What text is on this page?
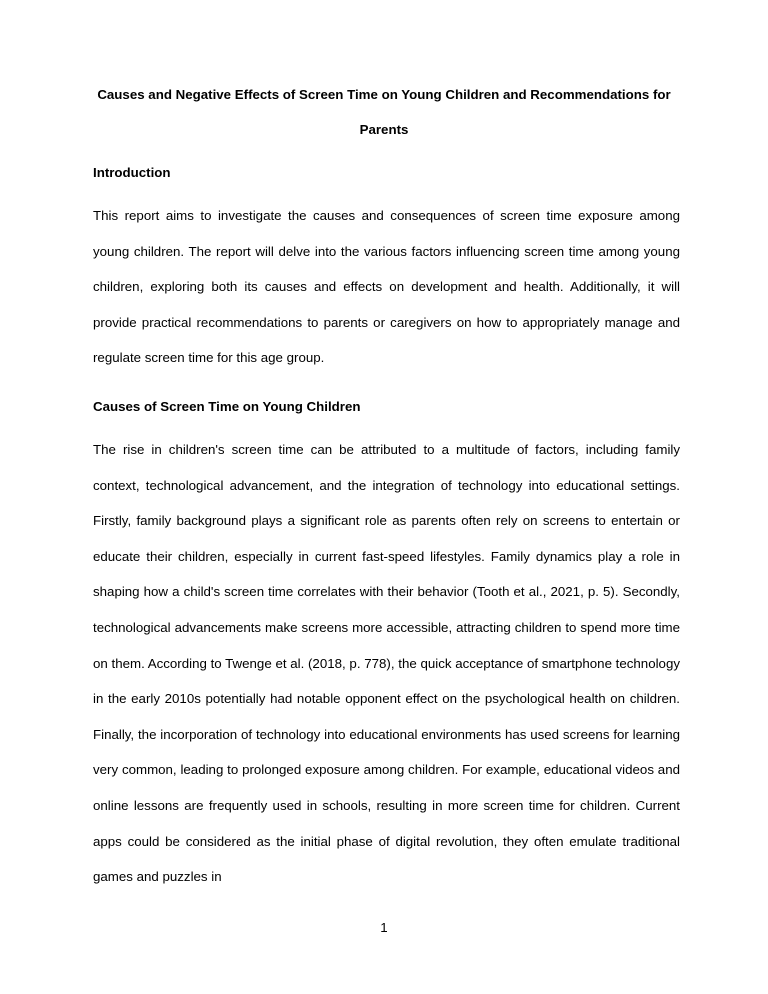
Causes and Negative Effects of Screen Time on Young Children and Recommendations for
Parents
Introduction

This report aims to investigate the causes and consequences of screen time exposure among young children. The report will delve into the various factors influencing screen time among young children, exploring both its causes and effects on development and health. Additionally, it will provide practical recommendations to parents or caregivers on how to appropriately manage and regulate screen time for this age group.

Causes of Screen Time on Young Children

The rise in children's screen time can be attributed to a multitude of factors, including family context, technological advancement, and the integration of technology into educational settings. Firstly, family background plays a significant role as parents often rely on screens to entertain or educate their children, especially in current fast-speed lifestyles. Family dynamics play a role in shaping how a child's screen time correlates with their behavior (Tooth et al., 2021, p. 5). Secondly, technological advancements make screens more accessible, attracting children to spend more time on them. According to Twenge et al. (2018, p. 778), the quick acceptance of smartphone technology in the early 2010s potentially had notable opponent effect on the psychological health on children. Finally, the incorporation of technology into educational environments has used screens for learning very common, leading to prolonged exposure among children. For example, educational videos and online lessons are frequently used in schools, resulting in more screen time for children. Current apps could be considered as the initial phase of digital revolution, they often emulate traditional games and puzzles in

1
